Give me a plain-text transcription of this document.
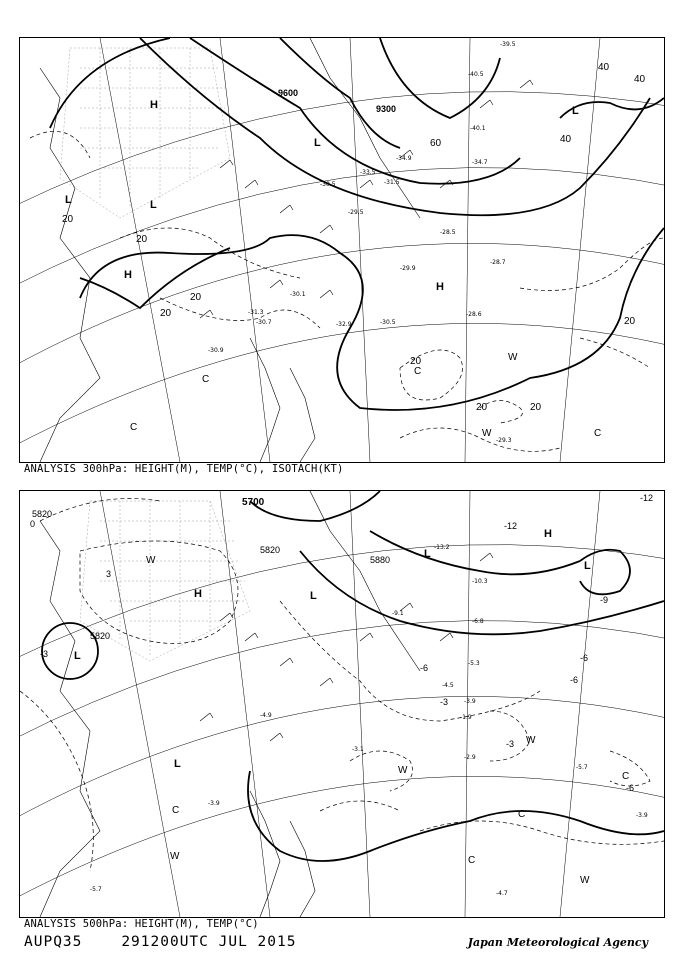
9600
9300
H
L
L
H
L
H
L
C
C
W
W	C
C
60	40
20
20
20
20
20
20	20
40
40
20
-40.5
-39.5
-40.1
-34.9
-34.7
-33.5
-31.5
-30.5
-29.9
-28.5
-28.7
-28.6
-30.9
-30.7
-31.3
-32.9	-30.5
-29.3
-30.1
-29.5
ANALYSIS 300hPa: HEIGHT(M), TEMP(°C), ISOTACH(KT)
5700
5820
5820
5820
5880
H
L
L
H
L
L
L
W
W
C	C
W
W
C
C
W
-12
-12
-6
-6
-3
-3
0
3
-3
-6
-9
-6
-13.2
-10.3
-9.1
-6.8
-5.3
-4.5
-3.9
-1.9
-2.9
-4.7
-5.7
-3.9
-3.1
-4.9
-5.7
-3.9
ANALYSIS 500hPa: HEIGHT(M), TEMP(°C)
AUPQ35	291200UTC JUL 2015	Japan Meteorological Agency
